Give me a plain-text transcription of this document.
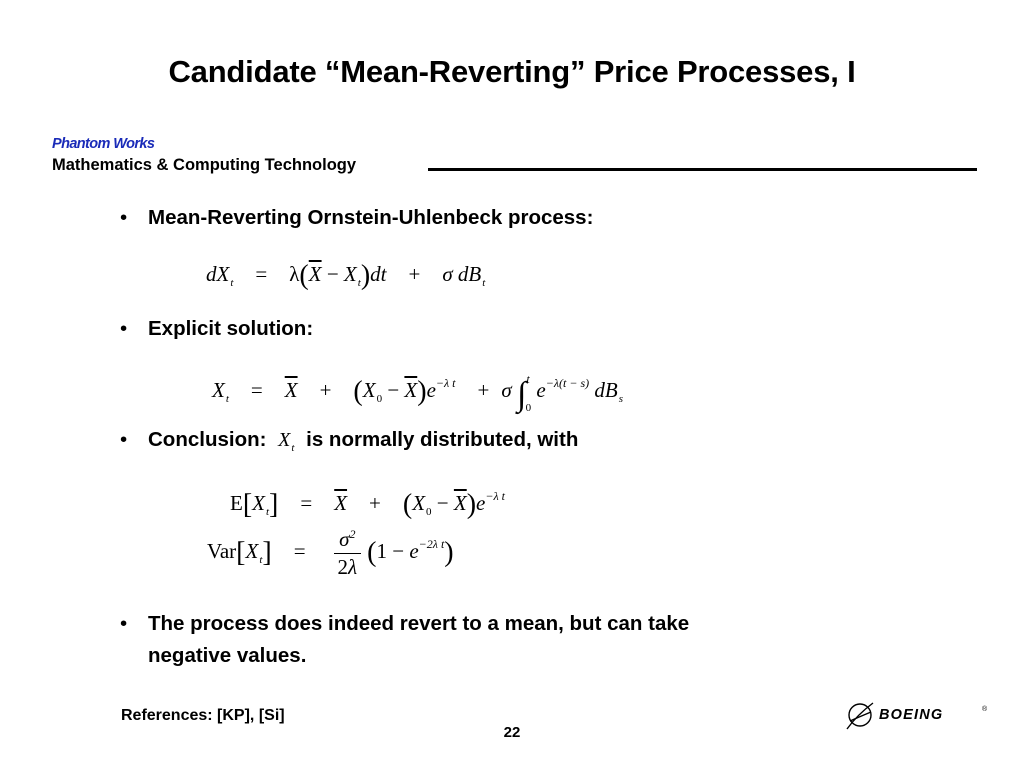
Candidate “Mean-Reverting” Price Processes, I
Phantom Works
Mathematics & Computing Technology
• Mean-Reverting Ornstein-Uhlenbeck process:
$dX_t = \lambda(\overline{X} - X_t)dt + \sigma$ $dB_t$
• Explicit solution:
$X_t = \overline{X} + (X_0 - \overline{X})e^{-\lambda t} + \sigma$ ∫$^t_0$ $e^{-\lambda(t - s)}$ $dB_s$
• Conclusion: $X_t$ is normally distributed, with
$E[X_t] = \overline{X} + (X_0 - \overline{X})e^{-\lambda t}$
$Var[X_t] = \frac{\sigma^2}{2\lambda} (1 - e^{-2\lambda t})$
• The process does indeed revert to a mean, but can take
negative values.
References: [KP], [Si]
22
BOEING	®
